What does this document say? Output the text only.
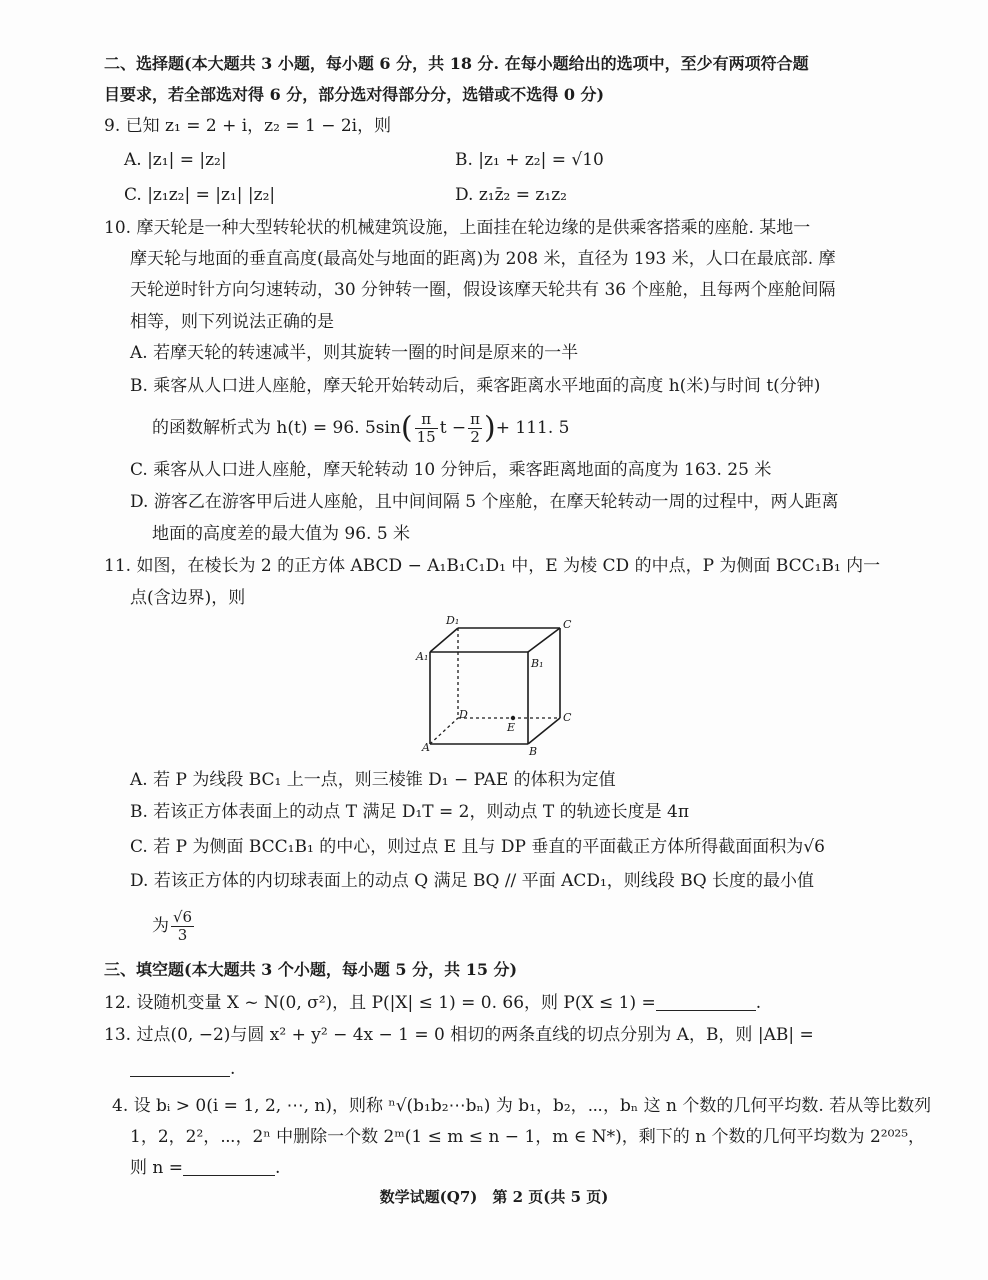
二、选择题(本大题共 3 小题，每小题 6 分，共 18 分. 在每小题给出的选项中，至少有两项符合题
目要求，若全部选对得 6 分，部分选对得部分分，选错或不选得 0 分)
9. 已知 z₁ = 2 + i，z₂ = 1 − 2i，则
A. |z₁| = |z₂|	B. |z₁ + z₂| = √10
C. |z₁z₂| = |z₁| |z₂|	D. z₁z̄₂ = z₁z₂
10. 摩天轮是一种大型转轮状的机械建筑设施，上面挂在轮边缘的是供乘客搭乘的座舱. 某地一
摩天轮与地面的垂直高度(最高处与地面的距离)为 208 米，直径为 193 米，人口在最底部. 摩
天轮逆时针方向匀速转动，30 分钟转一圈，假设该摩天轮共有 36 个座舱，且每两个座舱间隔
相等，则下列说法正确的是
A. 若摩天轮的转速减半，则其旋转一圈的时间是原来的一半
B. 乘客从人口进人座舱，摩天轮开始转动后，乘客距离水平地面的高度 h(米)与时间 t(分钟)
的函数解析式为 h(t) = 96. $5\sin( \frac{\pi}{15}$ $t - \frac{\pi}{2}$ )+ 111. 5
C. 乘客从人口进人座舱，摩天轮转动 10 分钟后，乘客距离地面的高度为 163. 25 米
D. 游客乙在游客甲后进人座舱，且中间间隔 5 个座舱，在摩天轮转动一周的过程中，两人距离
地面的高度差的最大值为 96. 5 米
11. 如图，在棱长为 2 的正方体 ABCD − A₁B₁C₁D₁ 中，E 为棱 CD 的中点，P 为侧面 BCC₁B₁ 内一
点(含边界)，则
D₁	C
A₁
B₁
D	C
E
A	B
A. 若 P 为线段 BC₁ 上一点，则三棱锥 D₁ − PAE 的体积为定值
B. 若该正方体表面上的动点 T 满足 D₁T = 2，则动点 T 的轨迹长度是 4π
C. 若 P 为侧面 BCC₁B₁ 的中心，则过点 E 且与 DP 垂直的平面截正方体所得截面面积为√6
D. 若该正方体的内切球表面上的动点 Q 满足 BQ // 平面 ACD₁，则线段 BQ 长度的最小值
为 $\frac{√6}{3}$
三、填空题(本大题共 3 个小题，每小题 5 分，共 15 分)
12. 设随机变量 X ~ N(0, σ²)，且 P(|X| ≤ 1) = 0. 66，则 P(X ≤ 1) =	.
13. 过点(0, −2)与圆 x² + y² − 4x − 1 = 0 相切的两条直线的切点分别为 A，B，则 |AB| =
.
4. 设 bᵢ > 0(i = 1, 2, ⋯, n)，则称 ⁿ√(b₁b₂⋯bₙ) 为 b₁，b₂，⋯，bₙ 这 n 个数的几何平均数. 若从等比数列
1，2，2²，⋯，2ⁿ 中删除一个数 2ᵐ(1 ≤ m ≤ n − 1，m ∈ N*)，剩下的 n 个数的几何平均数为 2²⁰²⁵，
则 n =	.
数学试题(Q7)　第 2 页(共 5 页)
